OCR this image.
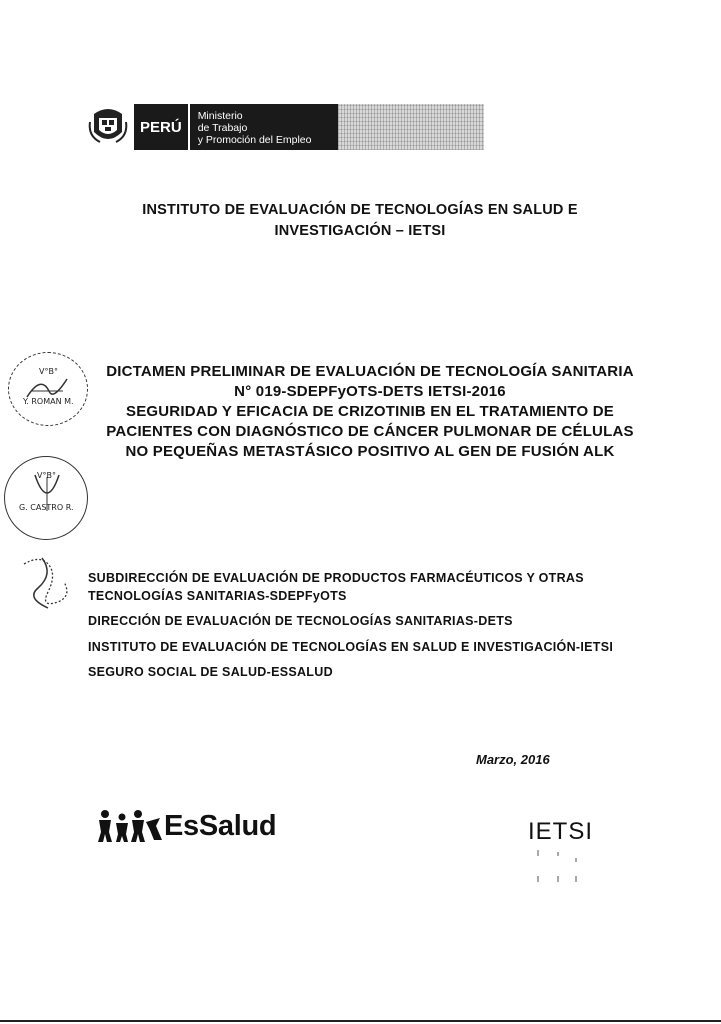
PERÚ
Ministerio
de Trabajo
y Promoción del Empleo
INSTITUTO DE EVALUACIÓN DE TECNOLOGÍAS EN SALUD E
INVESTIGACIÓN – IETSI
V°B°
Y. ROMAN M.
V°B°
G. CASTRO R.
DICTAMEN PRELIMINAR DE EVALUACIÓN DE TECNOLOGÍA SANITARIA
N° 019-SDEPFyOTS-DETS IETSI-2016
SEGURIDAD Y EFICACIA DE CRIZOTINIB EN EL TRATAMIENTO DE
PACIENTES CON DIAGNÓSTICO DE CÁNCER PULMONAR DE CÉLULAS
NO PEQUEÑAS METASTÁSICO POSITIVO AL GEN DE FUSIÓN ALK

SUBDIRECCIÓN DE EVALUACIÓN DE PRODUCTOS FARMACÉUTICOS Y OTRAS TECNOLOGÍAS SANITARIAS-SDEPFyOTS

DIRECCIÓN DE EVALUACIÓN DE TECNOLOGÍAS SANITARIAS-DETS

INSTITUTO DE EVALUACIÓN DE TECNOLOGÍAS EN SALUD E INVESTIGACIÓN-IETSI

SEGURO SOCIAL DE SALUD-ESSALUD

Marzo, 2016
EsSalud	IETSI
